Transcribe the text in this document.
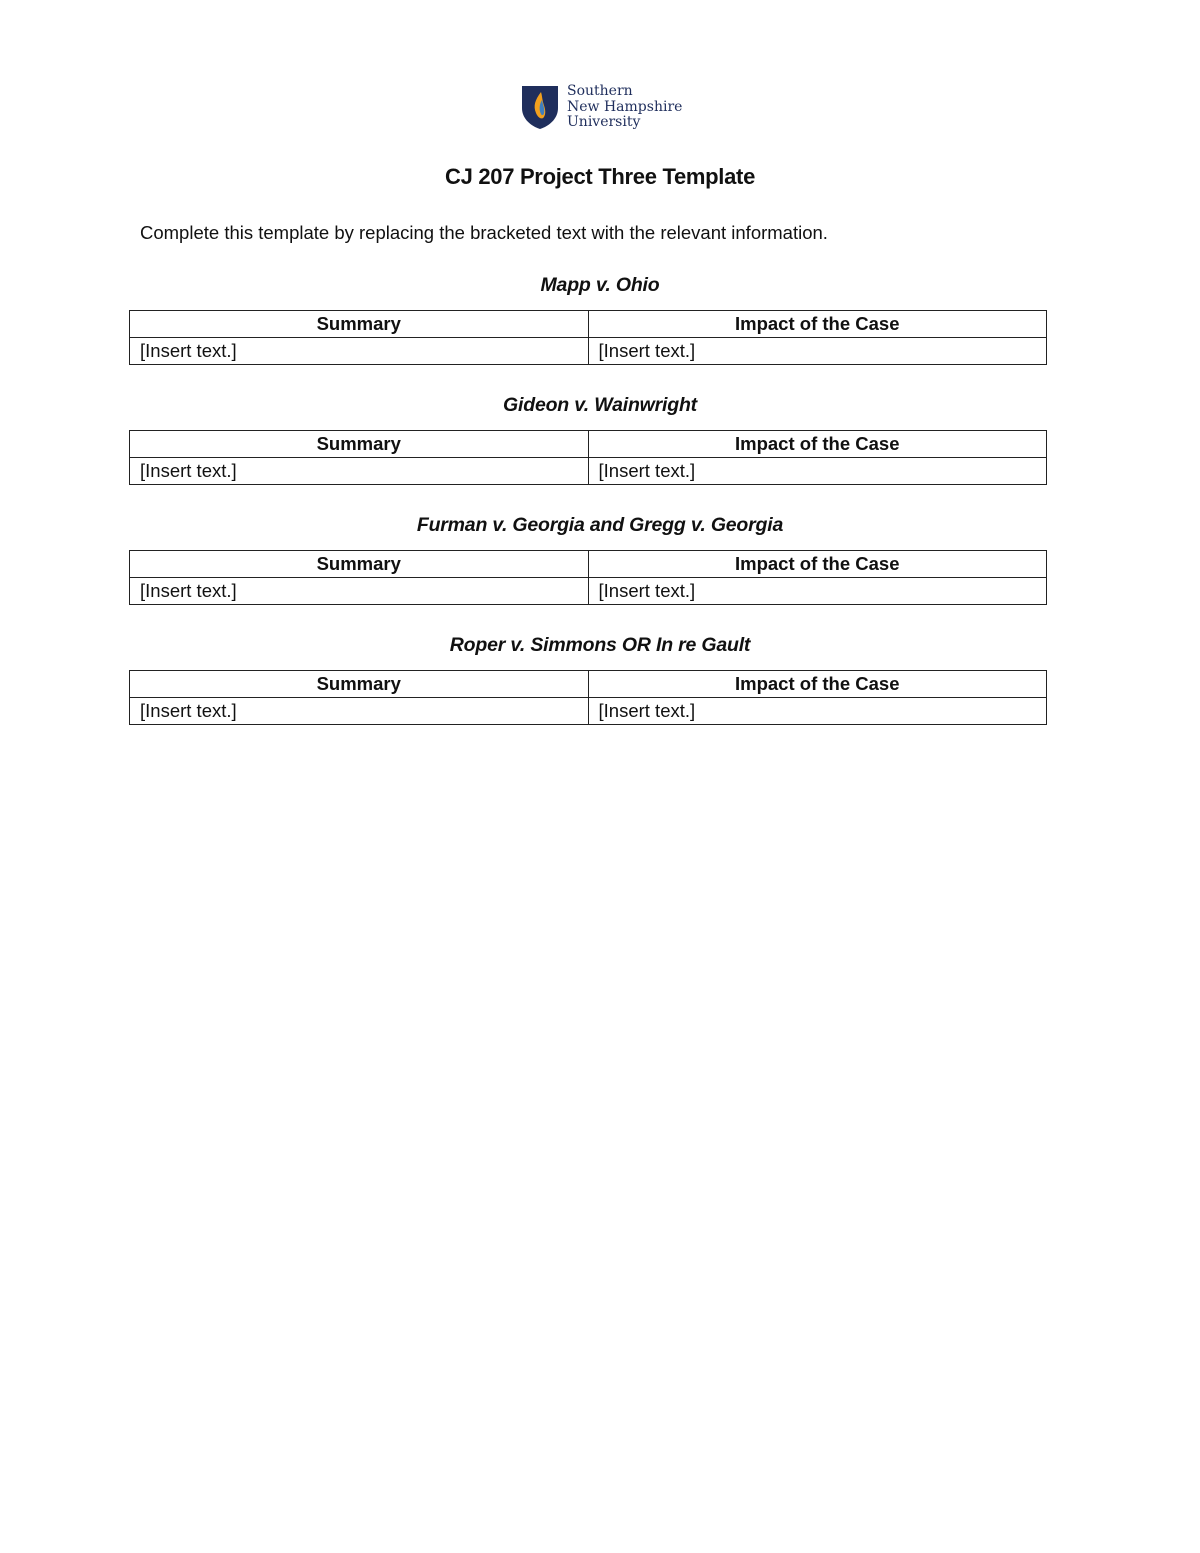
Southern
New Hampshire
University
CJ 207 Project Three Template
Complete this template by replacing the bracketed text with the relevant information.
Mapp v. Ohio
Summary	Impact of the Case
[Insert text.]	[Insert text.]
Gideon v. Wainwright
Summary	Impact of the Case
[Insert text.]	[Insert text.]
Furman v. Georgia and Gregg v. Georgia
Summary	Impact of the Case
[Insert text.]	[Insert text.]
Roper v. Simmons OR In re Gault
Summary	Impact of the Case
[Insert text.]	[Insert text.]
